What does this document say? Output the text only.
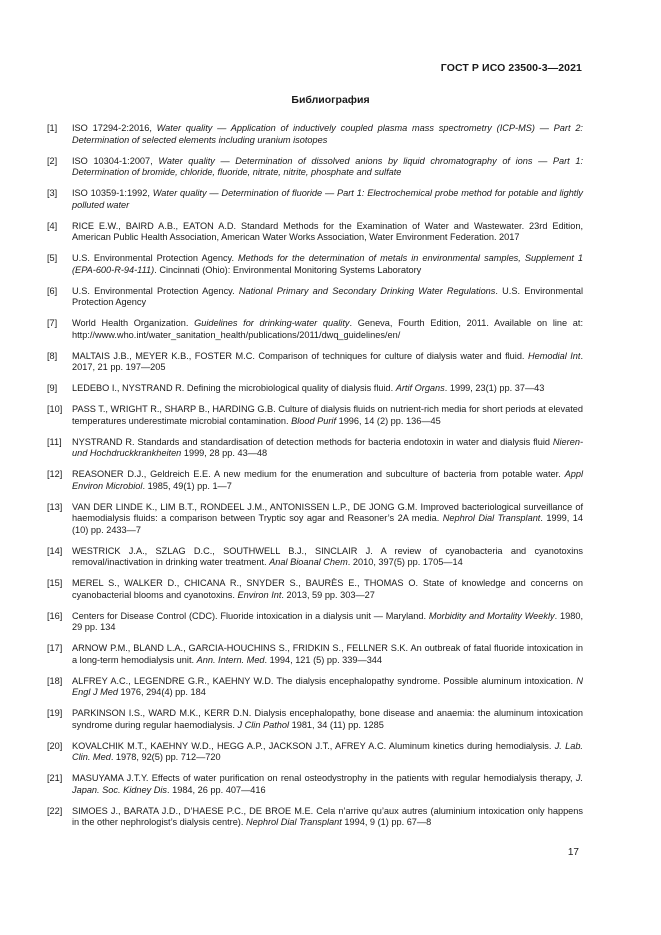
ГОСТ Р ИСО 23500-3—2021
Библиография
[1] ISO 17294-2:2016, Water quality — Application of inductively coupled plasma mass spectrometry (ICP-MS) — Part 2: Determination of selected elements including uranium isotopes
[2] ISO 10304-1:2007, Water quality — Determination of dissolved anions by liquid chromatography of ions — Part 1: Determination of bromide, chloride, fluoride, nitrate, nitrite, phosphate and sulfate
[3] ISO 10359-1:1992, Water quality — Determination of fluoride — Part 1: Electrochemical probe method for potable and lightly polluted water
[4] RICE E.W., BAIRD A.B., EATON A.D. Standard Methods for the Examination of Water and Wastewater. 23rd Edition, American Public Health Association, American Water Works Association, Water Environment Federation. 2017
[5] U.S. Environmental Protection Agency. Methods for the determination of metals in environmental samples, Supplement 1 (EPA-600-R-94-111). Cincinnati (Ohio): Environmental Monitoring Systems Laboratory
[6] U.S. Environmental Protection Agency. National Primary and Secondary Drinking Water Regulations. U.S. Environmental Protection Agency
[7] World Health Organization. Guidelines for drinking-water quality. Geneva, Fourth Edition, 2011. Available on line at: http://www.who.int/water_sanitation_health/publications/2011/dwq_guidelines/en/
[8] MALTAIS J.B., MEYER K.B., FOSTER M.C. Comparison of techniques for culture of dialysis water and fluid. Hemodial Int. 2017, 21 pp. 197—205
[9] LEDEBO I., NYSTRAND R. Defining the microbiological quality of dialysis fluid. Artif Organs. 1999, 23(1) pp. 37—43
[10] PASS T., WRIGHT R., SHARP B., HARDING G.B. Culture of dialysis fluids on nutrient-rich media for short periods at elevated temperatures underestimate microbial contamination. Blood Purif 1996, 14 (2) pp. 136—45
[11] NYSTRAND R. Standards and standardisation of detection methods for bacteria endotoxin in water and dialysis fluid Nieren- und Hochdruckkrankheiten 1999, 28 pp. 43—48
[12] REASONER D.J., Geldreich E.E. A new medium for the enumeration and subculture of bacteria from potable water. Appl Environ Microbiol. 1985, 49(1) pp. 1—7
[13] VAN DER LINDE K., LIM B.T., RONDEEL J.M., ANTONISSEN L.P., DE JONG G.M. Improved bacteriological surveillance of haemodialysis fluids: a comparison between Tryptic soy agar and Reasoner’s 2A media. Nephrol Dial Transplant. 1999, 14 (10) pp. 2433—7
[14] WESTRICK J.A., SZLAG D.C., SOUTHWELL B.J., SINCLAIR J. A review of cyanobacteria and cyanotoxins removal/inactivation in drinking water treatment. Anal Bioanal Chem. 2010, 397(5) pp. 1705—14
[15] MEREL S., WALKER D., CHICANA R., SNYDER S., BAURÈS E., THOMAS O. State of knowledge and concerns on cyanobacterial blooms and cyanotoxins. Environ Int. 2013, 59 pp. 303—27
[16] Centers for Disease Control (CDC). Fluoride intoxication in a dialysis unit — Maryland. Morbidity and Mortality Weekly. 1980, 29 pp. 134
[17] ARNOW P.M., BLAND L.A., GARCIA-HOUCHINS S., FRIDKIN S., FELLNER S.K. An outbreak of fatal fluoride intoxication in a long-term hemodialysis unit. Ann. Intern. Med. 1994, 121 (5) pp. 339—344
[18] ALFREY A.C., LEGENDRE G.R., KAEHNY W.D. The dialysis encephalopathy syndrome. Possible aluminum intoxication. N Engl J Med 1976, 294(4) pp. 184
[19] PARKINSON I.S., WARD M.K., KERR D.N. Dialysis encephalopathy, bone disease and anaemia: the aluminum intoxication syndrome during regular haemodialysis. J Clin Pathol 1981, 34 (11) pp. 1285
[20] KOVALCHIK M.T., KAEHNY W.D., HEGG A.P., JACKSON J.T., AFREY A.C. Aluminum kinetics during hemodialysis. J. Lab. Clin. Med. 1978, 92(5) pp. 712—720
[21] MASUYAMA J.T.Y. Effects of water purification on renal osteodystrophy in the patients with regular hemodialysis therapy, J. Japan. Soc. Kidney Dis. 1984, 26 pp. 407—416
[22] SIMOES J., BARATA J.D., D’HAESE P.C., DE BROE M.E. Cela n’arrive qu’aux autres (aluminium intoxication only happens in the other nephrologist’s dialysis centre). Nephrol Dial Transplant 1994, 9 (1) pp. 67—8
17
